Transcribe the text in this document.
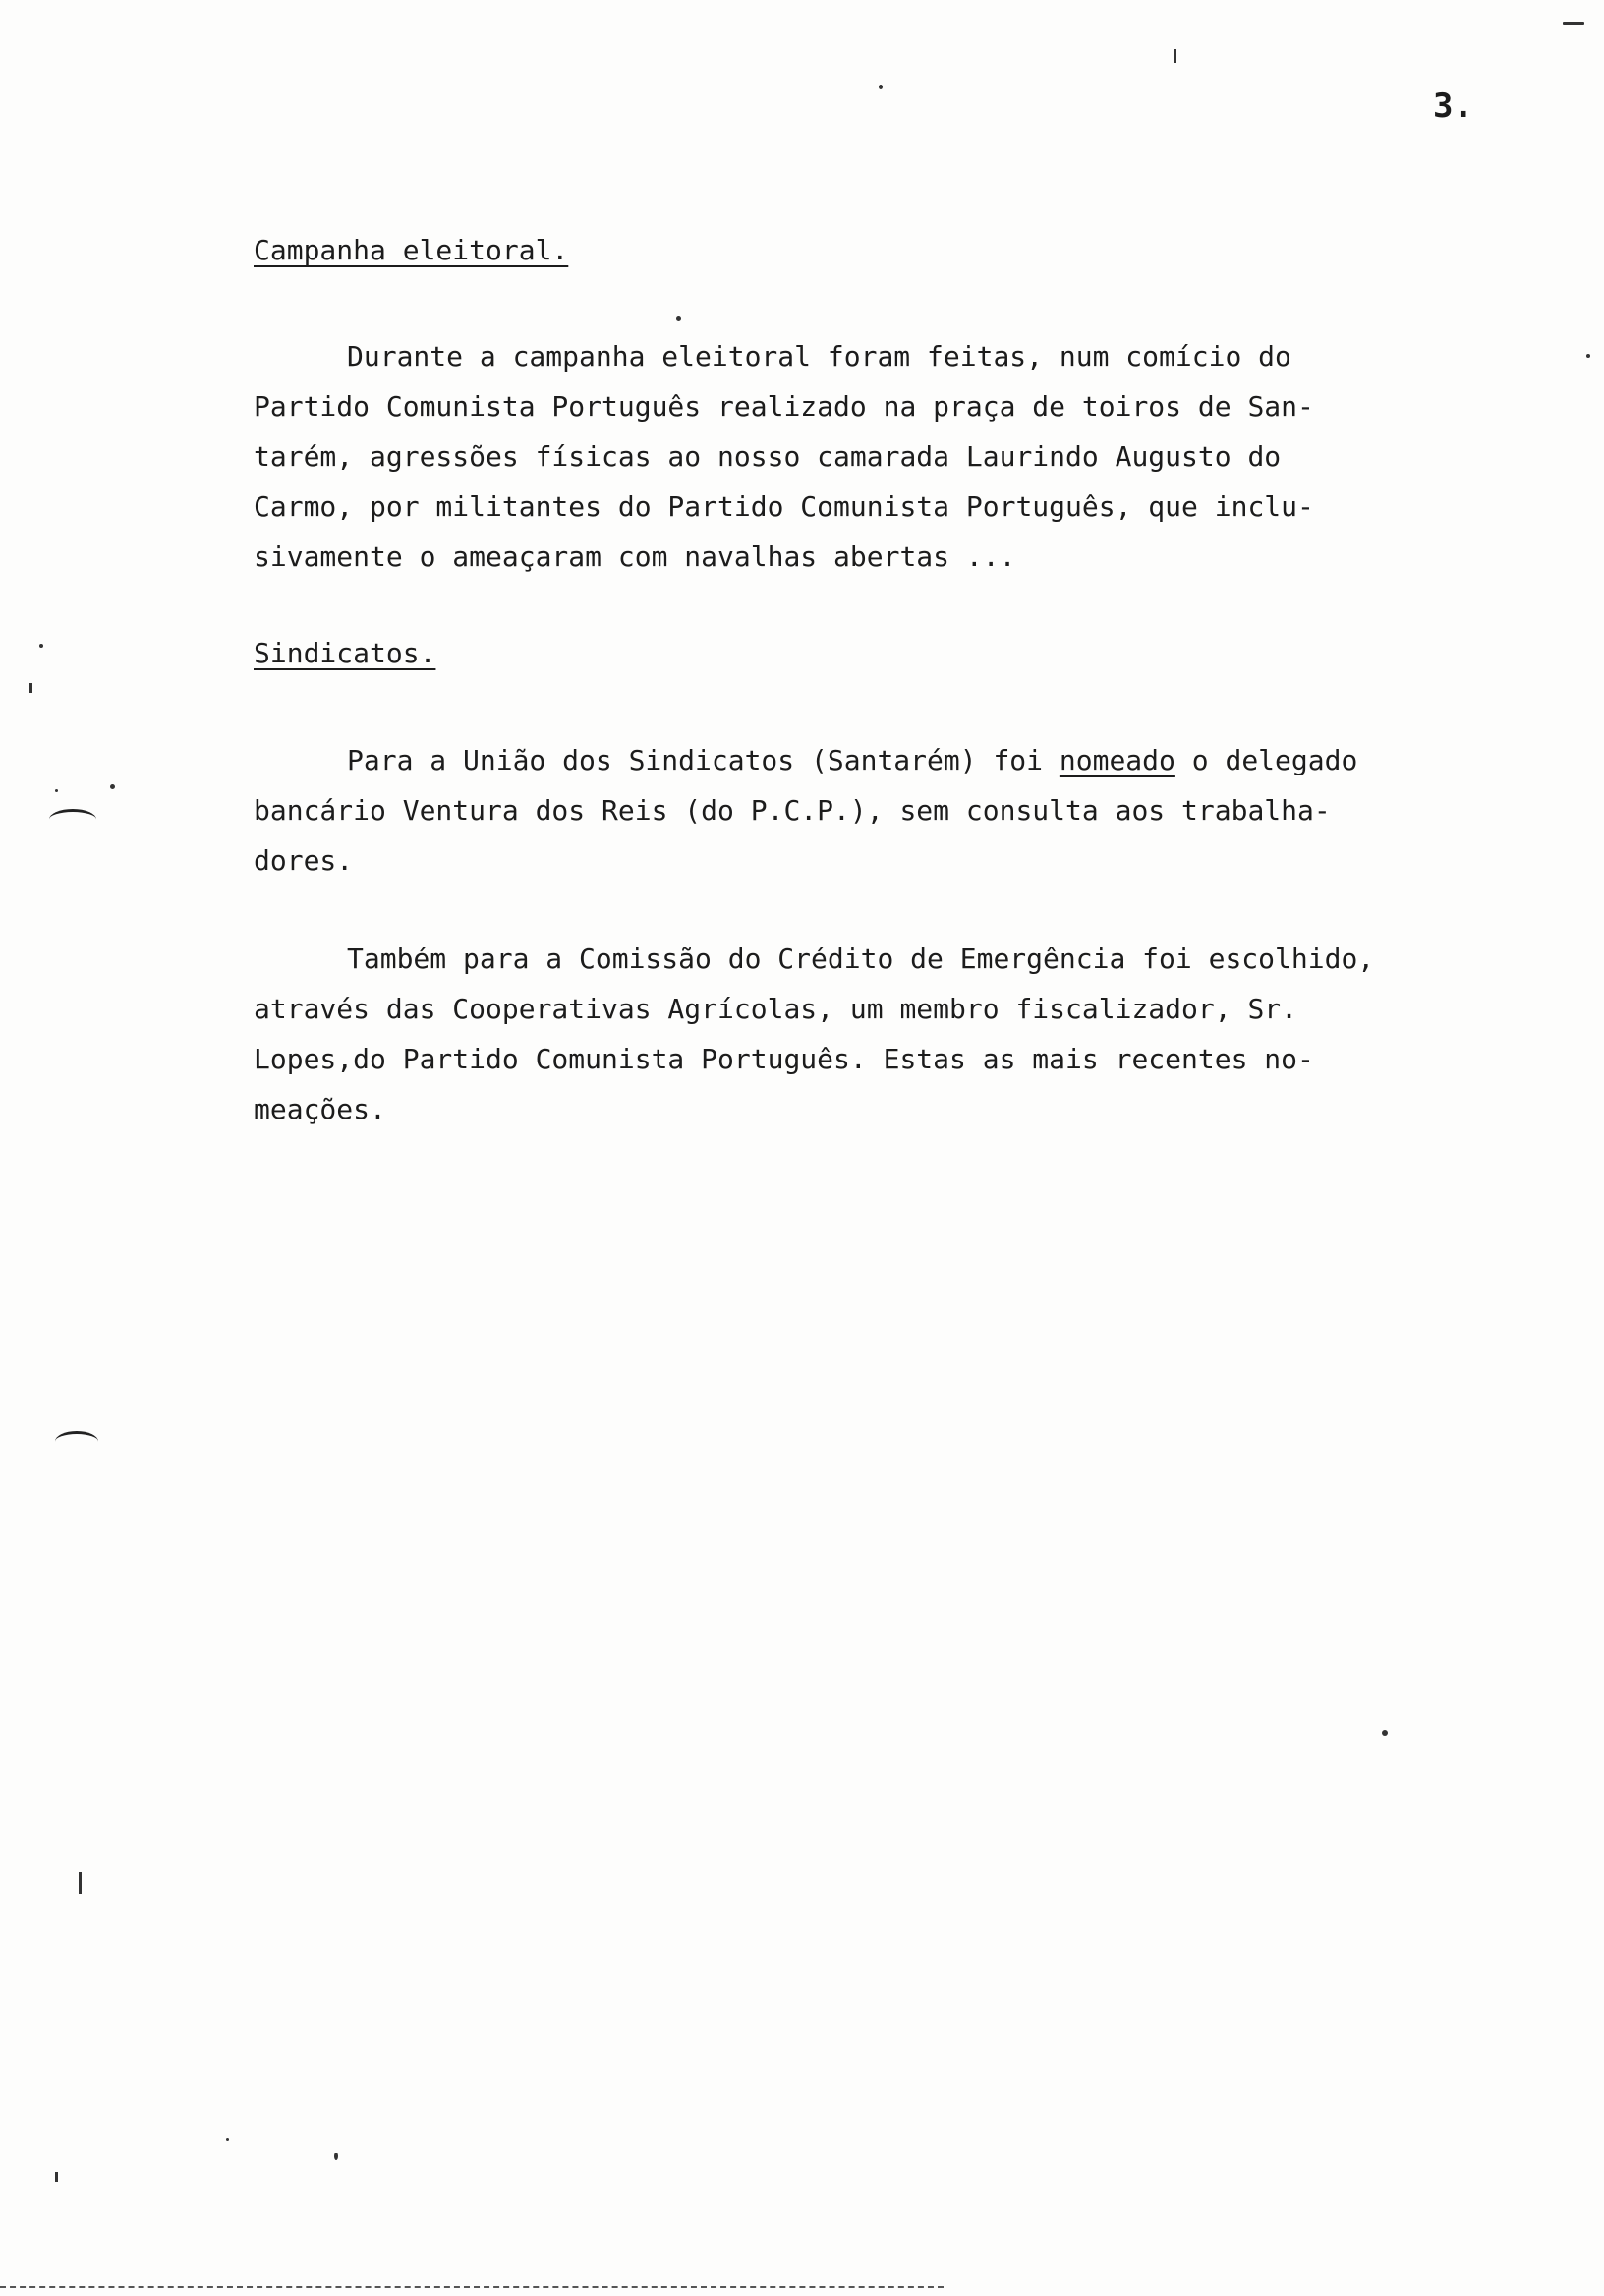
3.
Campanha eleitoral.
Durante a campanha eleitoral foram feitas, num comício do
Partido Comunista Português realizado na praça de toiros de San-
tarém, agressões físicas ao nosso camarada Laurindo Augusto do
Carmo, por militantes do Partido Comunista Português, que inclu-
sivamente o ameaçaram com navalhas abertas ...
Sindicatos.
Para a União dos Sindicatos (Santarém) foi nomeado o delegado
bancário Ventura dos Reis (do P.C.P.), sem consulta aos trabalha-
dores.
Também para a Comissão do Crédito de Emergência foi escolhido,
através das Cooperativas Agrícolas, um membro fiscalizador, Sr.
Lopes,do Partido Comunista Português. Estas as mais recentes no-
meações.
